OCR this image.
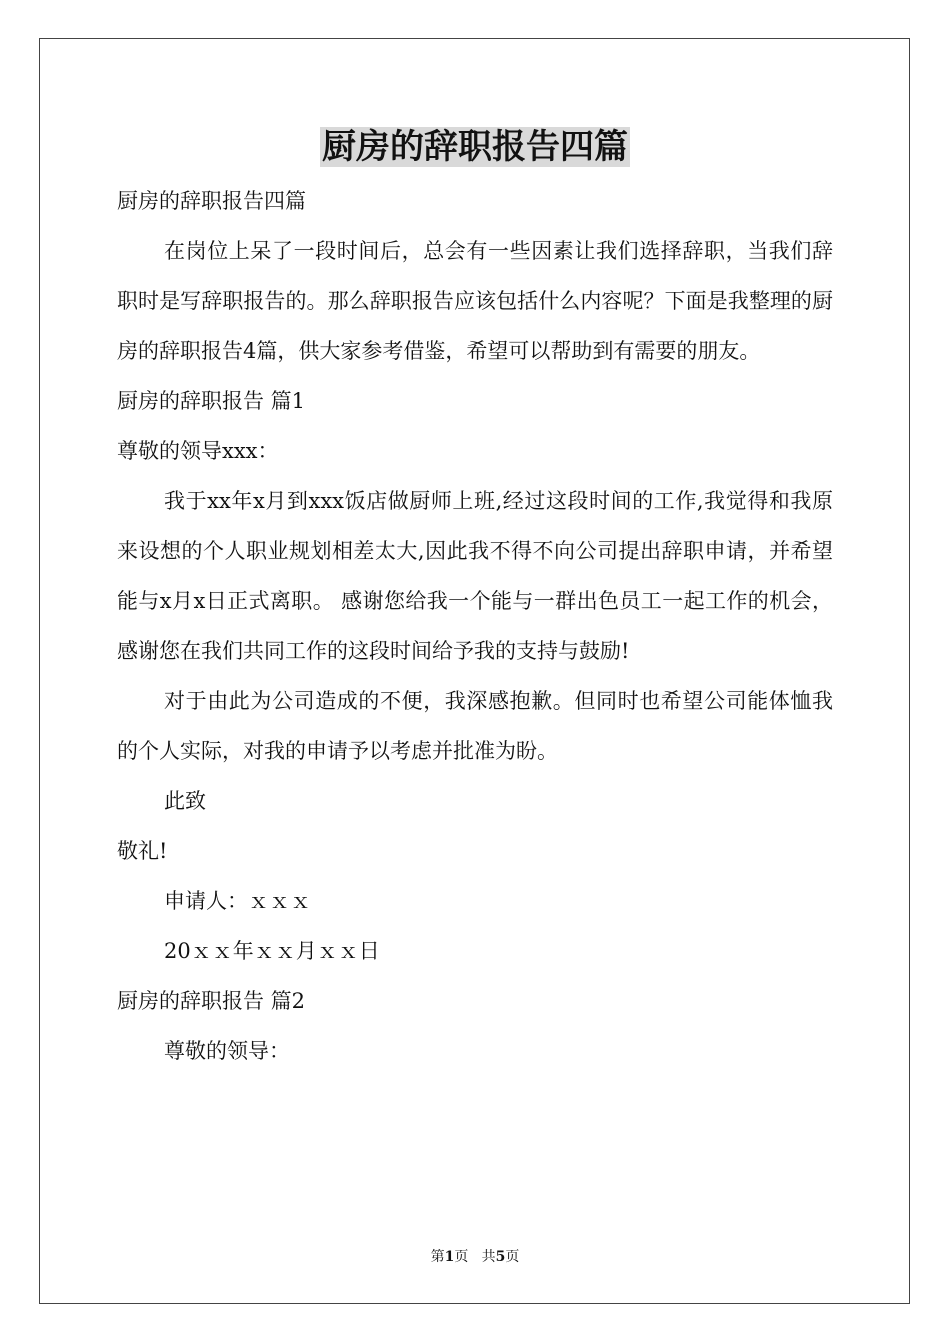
厨房的辞职报告四篇

厨房的辞职报告四篇

在岗位上呆了一段时间后，总会有一些因素让我们选择辞职，当我们辞职时是写辞职报告的。那么辞职报告应该包括什么内容呢？下面是我整理的厨房的辞职报告4篇，供大家参考借鉴，希望可以帮助到有需要的朋友。

厨房的辞职报告 篇1

尊敬的领导xxx：

我于xx年x月到xxx饭店做厨师上班,经过这段时间的工作,我觉得和我原来设想的个人职业规划相差太大,因此我不得不向公司提出辞职申请，并希望能与x月x日正式离职。 感谢您给我一个能与一群出色员工一起工作的机会，感谢您在我们共同工作的这段时间给予我的支持与鼓励!

对于由此为公司造成的不便，我深感抱歉。但同时也希望公司能体恤我的个人实际，对我的申请予以考虑并批准为盼。

此致

敬礼!

申请人：ｘｘｘ

20ｘｘ年ｘｘ月ｘｘ日

厨房的辞职报告 篇2

尊敬的领导：

第1页 共5页
